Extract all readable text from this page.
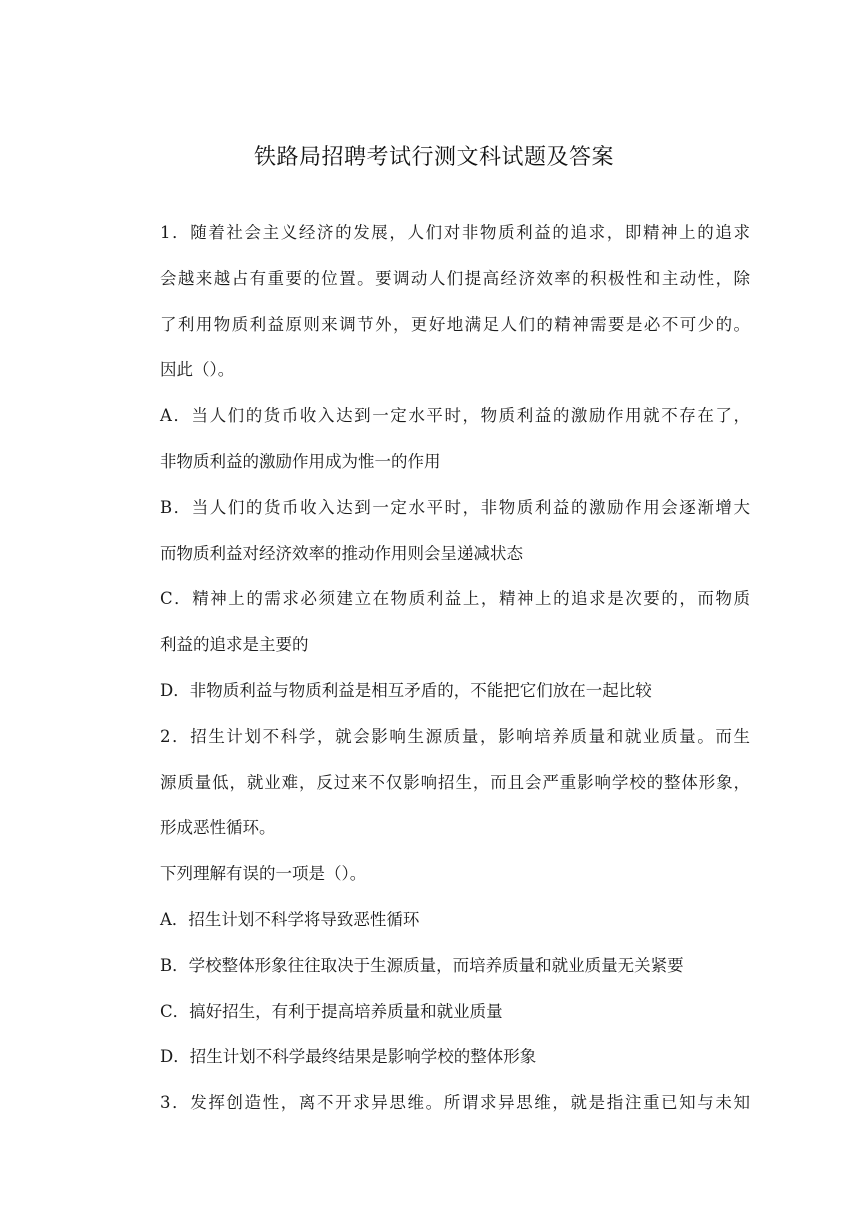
铁路局招聘考试行测文科试题及答案
1．随着社会主义经济的发展，人们对非物质利益的追求，即精神上的追求
会越来越占有重要的位置。要调动人们提高经济效率的积极性和主动性，除
了利用物质利益原则来调节外，更好地满足人们的精神需要是必不可少的。
因此（）。
A．当人们的货币收入达到一定水平时，物质利益的激励作用就不存在了，
非物质利益的激励作用成为惟一的作用
B．当人们的货币收入达到一定水平时，非物质利益的激励作用会逐渐增大
而物质利益对经济效率的推动作用则会呈递减状态
C．精神上的需求必须建立在物质利益上，精神上的追求是次要的，而物质
利益的追求是主要的
D．非物质利益与物质利益是相互矛盾的，不能把它们放在一起比较
2．招生计划不科学，就会影响生源质量，影响培养质量和就业质量。而生
源质量低，就业难，反过来不仅影响招生，而且会严重影响学校的整体形象，
形成恶性循环。
下列理解有误的一项是（）。
A．招生计划不科学将导致恶性循环
B．学校整体形象往往取决于生源质量，而培养质量和就业质量无关紧要
C．搞好招生，有利于提高培养质量和就业质量
D．招生计划不科学最终结果是影响学校的整体形象
3．发挥创造性，离不开求异思维。所谓求异思维，就是指注重已知与未知
